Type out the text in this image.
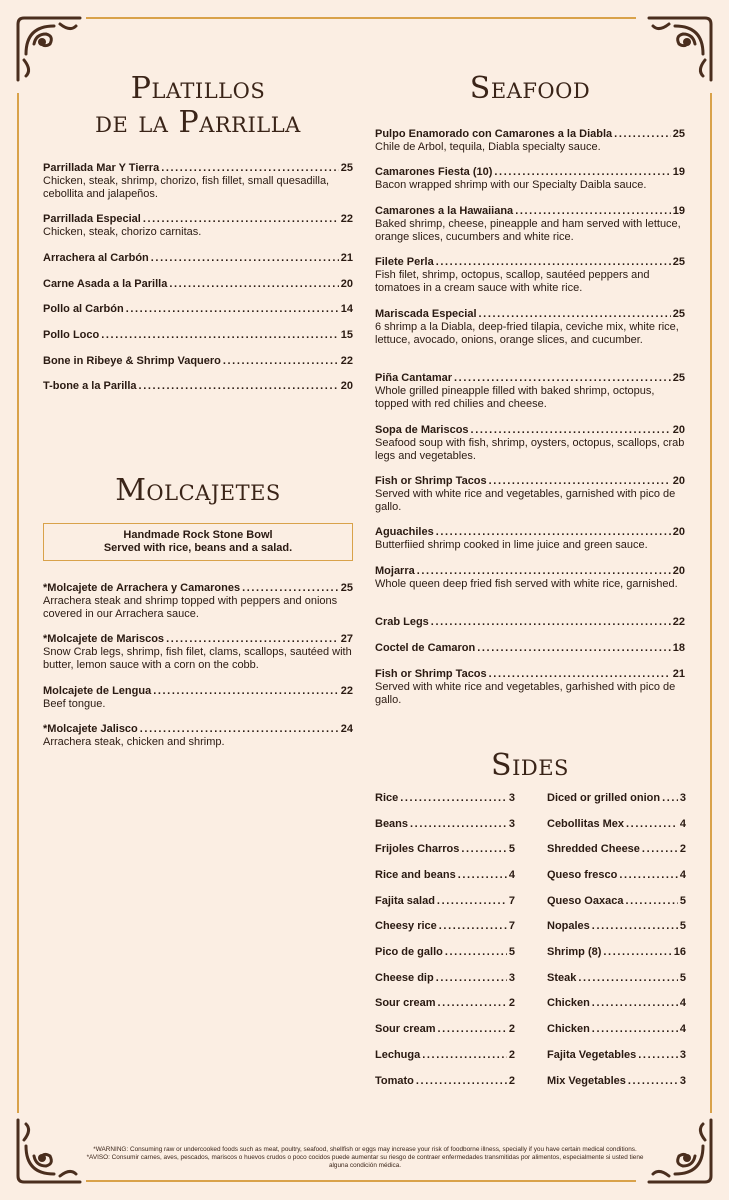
Platillos
de la Parrilla
Seafood
Molcajetes
Sides
Parrillada Mar Y Tierra .....	25
Chicken, steak, shrimp, chorizo, fish fillet, small quesadilla, cebollita and jalapeños.
Parrillada Especial .....	22
Chicken, steak, chorizo carnitas.
Arrachera al Carbón .....	21
Carne Asada a la Parilla .....	20
Pollo al Carbón .....	14
Pollo Loco .....	15
Bone in Ribeye & Shrimp Vaquero .....	22
T-bone a la Parilla .....	20
Handmade Rock Stone Bowl
Served with rice, beans and a salad.
*Molcajete de Arrachera y Camarones .....	25
Arrachera steak and shrimp topped with peppers and onions covered in our Arrachera sauce.
*Molcajete de Mariscos .....	27
Snow Crab legs, shrimp, fish filet, clams, scallops, sautéed with butter, lemon sauce with a corn on the cobb.
Molcajete de Lengua .....	22
Beef tongue.
*Molcajete Jalisco .....	24
Arrachera steak, chicken and shrimp.
Pulpo Enamorado con Camarones a la Diabla .....	25
Chile de Arbol, tequila, Diabla specialty sauce.
Camarones Fiesta (10) .....	19
Bacon wrapped shrimp with our Specialty Daibla sauce.
Camarones a la Hawaiiana .....	19
Baked shrimp, cheese, pineapple and ham served with lettuce, orange slices, cucumbers and white rice.
Filete Perla .....	25
Fish filet, shrimp, octopus, scallop, sautéed peppers and tomatoes in a cream sauce with white rice.
Mariscada Especial .....	25
6 shrimp a la Diabla, deep-fried tilapia, ceviche mix, white rice, lettuce, avocado, onions, orange slices, and cucumber.
Piña Cantamar .....	25
Whole grilled pineapple filled with baked shrimp, octopus, topped with red chilies and cheese.
Sopa de Mariscos .....	20
Seafood soup with fish, shrimp, oysters, octopus, scallops, crab legs and vegetables.
Fish or Shrimp Tacos .....	20
Served with white rice and vegetables, garnished with pico de gallo.
Aguachiles .....	20
Butterfiied shrimp cooked in lime juice and green sauce.
Mojarra .....	20
Whole queen deep fried fish served with white rice, garnished.
Crab Legs .....	22
Coctel de Camaron .....	18
Fish or Shrimp Tacos .....	21
Served with white rice and vegetables, garhished with pico de gallo.
Rice .....	3
Beans .....	3
Frijoles Charros .....	5
Rice and beans .....	4
Fajita salad .....	7
Cheesy rice .....	7
Pico de gallo .....	5
Cheese dip .....	3
Sour cream .....	2
Sour cream .....	2
Lechuga .....	2
Tomato .....	2
Diced or grilled onion ..... 3
Cebollitas Mex .....	4
Shredded Cheese .....	2
Queso fresco .....	4
Queso Oaxaca .....	5
Nopales .....	5
Shrimp (8) .....	16
Steak .....	5
Chicken .....	4
Chicken .....	4
Fajita Vegetables .....	3
Mix Vegetables .....	3
*WARNING: Consuming raw or undercooked foods such as meat, poultry, seafood, shellfish or eggs may increase your risk of foodborne illness, specially if you have certain medical conditions. *AVISO: Consumir carnes, aves, pescados, mariscos o huevos crudos o poco cocidos puede aumentar su riesgo de contraer enfermedades transmitidas por alimentos, especialmente si usted tiene alguna condición médica.
